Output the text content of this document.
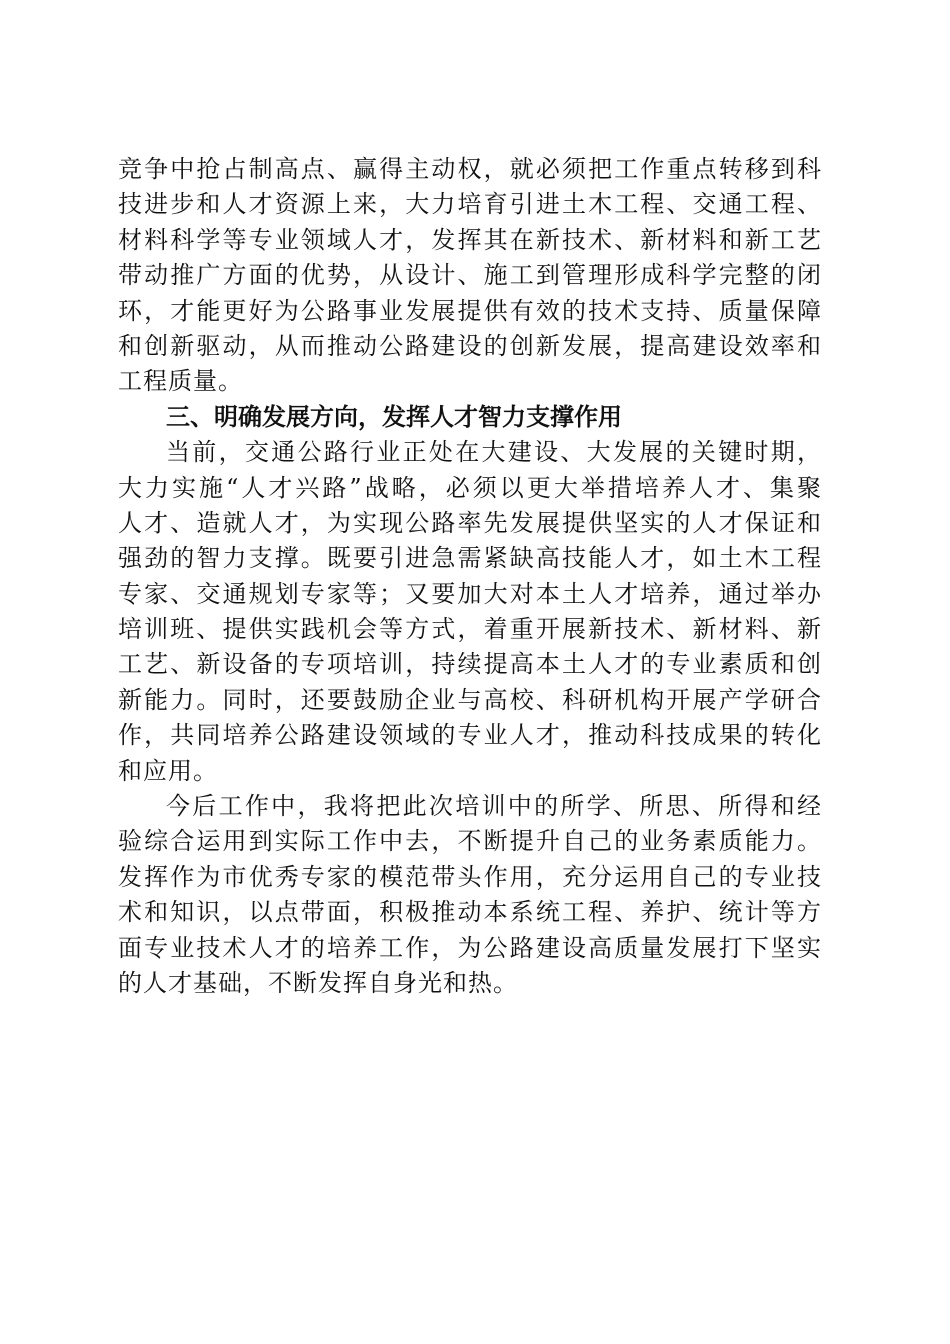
竞争中抢占制高点、赢得主动权，就必须把工作重点转移到科
技进步和人才资源上来，大力培育引进土木工程、交通工程、
材料科学等专业领域人才，发挥其在新技术、新材料和新工艺
带动推广方面的优势，从设计、施工到管理形成科学完整的闭
环，才能更好为公路事业发展提供有效的技术支持、质量保障
和创新驱动，从而推动公路建设的创新发展，提高建设效率和
工程质量。
三、明确发展方向，发挥人才智力支撑作用
当前，交通公路行业正处在大建设、大发展的关键时期，
大力实施“人才兴路”战略，必须以更大举措培养人才、集聚
人才、造就人才，为实现公路率先发展提供坚实的人才保证和
强劲的智力支撑。既要引进急需紧缺高技能人才，如土木工程
专家、交通规划专家等；又要加大对本土人才培养，通过举办
培训班、提供实践机会等方式，着重开展新技术、新材料、新
工艺、新设备的专项培训，持续提高本土人才的专业素质和创
新能力。同时，还要鼓励企业与高校、科研机构开展产学研合
作，共同培养公路建设领域的专业人才，推动科技成果的转化
和应用。
今后工作中，我将把此次培训中的所学、所思、所得和经
验综合运用到实际工作中去，不断提升自己的业务素质能力。
发挥作为市优秀专家的模范带头作用，充分运用自己的专业技
术和知识，以点带面，积极推动本系统工程、养护、统计等方
面专业技术人才的培养工作，为公路建设高质量发展打下坚实
的人才基础，不断发挥自身光和热。
